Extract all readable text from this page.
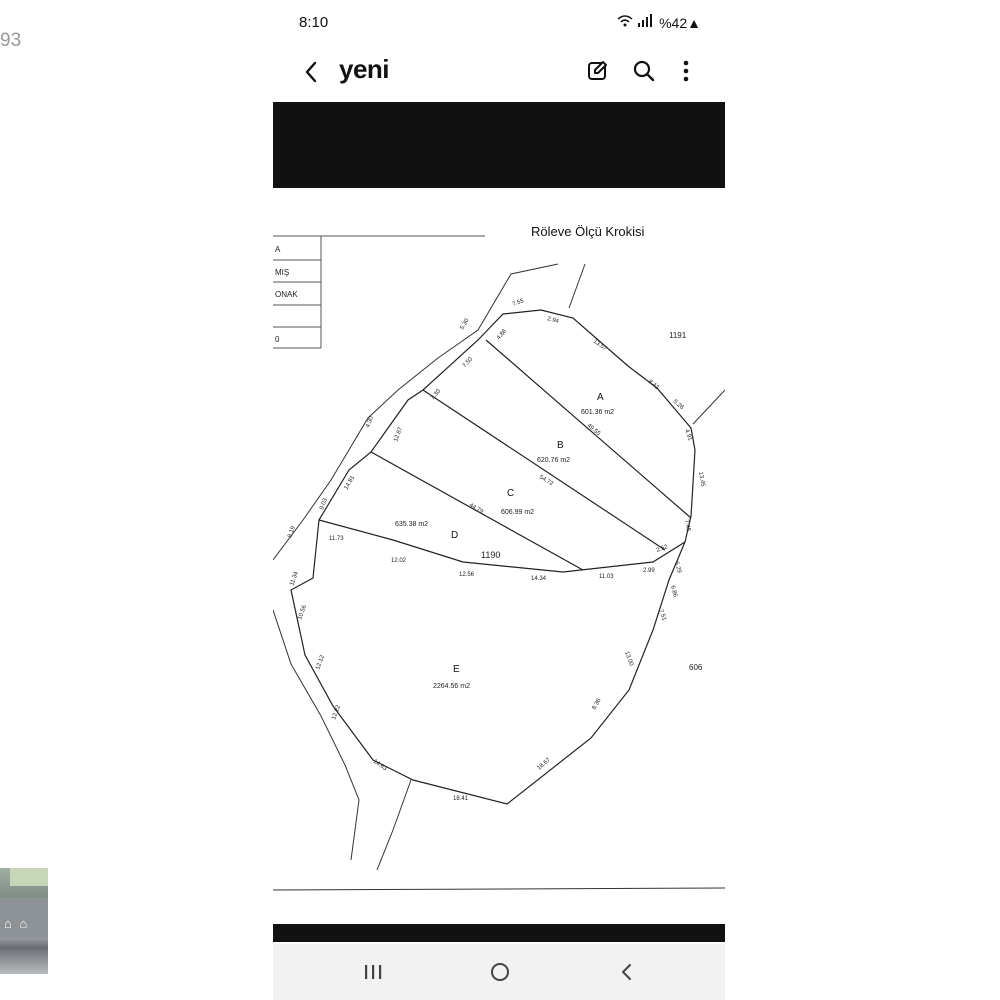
93
⌂ ⌂
8:10	%42▲
yeni
Röleve Ölçü Krokisi
A
MIŞ
ONAK
0
A
601.36 m2
B
620.76 m2
C
606.99 m2
D
635.38 m2
E
2264.56 m2
1191
1190
606
13.57
8.42
5.26
4.91
2.94
7.55
4.88
7.50
7.30
5.30
14.81
9.03
8.19
12.87
4.30
49.55
44.79
54.72
2.52
11.73
12.02
12.56
14.34	11.03
2.99
13.45
7.45
6.29
6.86
7.51
13.00
8.36
18.67
18.41
14.63
12.22
12.12
10.56
11.34
